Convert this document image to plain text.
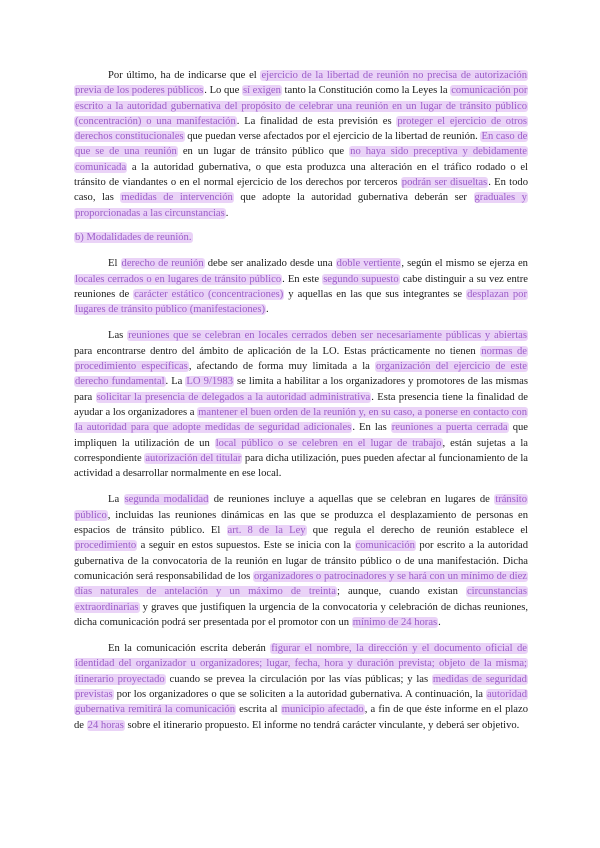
Por último, ha de indicarse que el ejercicio de la libertad de reunión no precisa de autorización previa de los poderes públicos. Lo que sí exigen tanto la Constitución como la Leyes la comunicación por escrito a la autoridad gubernativa del propósito de celebrar una reunión en un lugar de tránsito público (concentración) o una manifestación. La finalidad de esta previsión es proteger el ejercicio de otros derechos constitucionales que puedan verse afectados por el ejercicio de la libertad de reunión. En caso de que se de una reunión en un lugar de tránsito público que no haya sido preceptiva y debidamente comunicada a la autoridad gubernativa, o que esta produzca una alteración en el tráfico rodado o el tránsito de viandantes o en el normal ejercicio de los derechos por terceros podrán ser disueltas. En todo caso, las medidas de intervención que adopte la autoridad gubernativa deberán ser graduales y proporcionadas a las circunstancias.

b) Modalidades de reunión.

El derecho de reunión debe ser analizado desde una doble vertiente, según el mismo se ejerza en locales cerrados o en lugares de tránsito público. En este segundo supuesto cabe distinguir a su vez entre reuniones de carácter estático (concentraciones) y aquellas en las que sus integrantes se desplazan por lugares de tránsito público (manifestaciones).

Las reuniones que se celebran en locales cerrados deben ser necesariamente públicas y abiertas para encontrarse dentro del ámbito de aplicación de la LO. Estas prácticamente no tienen normas de procedimiento específicas, afectando de forma muy limitada a la organización del ejercicio de este derecho fundamental. La LO 9/1983 se limita a habilitar a los organizadores y promotores de las mismas para solicitar la presencia de delegados a la autoridad administrativa. Esta presencia tiene la finalidad de ayudar a los organizadores a mantener el buen orden de la reunión y, en su caso, a ponerse en contacto con la autoridad para que adopte medidas de seguridad adicionales. En las reuniones a puerta cerrada que impliquen la utilización de un local público o se celebren en el lugar de trabajo, están sujetas a la correspondiente autorización del titular para dicha utilización, pues pueden afectar al funcionamiento de la actividad a desarrollar normalmente en ese local.

La segunda modalidad de reuniones incluye a aquellas que se celebran en lugares de tránsito público, incluidas las reuniones dinámicas en las que se produzca el desplazamiento de personas en espacios de tránsito público. El art. 8 de la Ley que regula el derecho de reunión establece el procedimiento a seguir en estos supuestos. Este se inicia con la comunicación por escrito a la autoridad gubernativa de la convocatoria de la reunión en lugar de tránsito público o de una manifestación. Dicha comunicación será responsabilidad de los organizadores o patrocinadores y se hará con un mínimo de diez días naturales de antelación y un máximo de treinta; aunque, cuando existan circunstancias extraordinarias y graves que justifiquen la urgencia de la convocatoria y celebración de dichas reuniones, dicha comunicación podrá ser presentada por el promotor con un mínimo de 24 horas.

En la comunicación escrita deberán figurar el nombre, la dirección y el documento oficial de identidad del organizador u organizadores; lugar, fecha, hora y duración prevista; objeto de la misma; itinerario proyectado cuando se prevea la circulación por las vías públicas; y las medidas de seguridad previstas por los organizadores o que se soliciten a la autoridad gubernativa. A continuación, la autoridad gubernativa remitirá la comunicación escrita al municipio afectado, a fin de que éste informe en el plazo de 24 horas sobre el itinerario propuesto. El informe no tendrá carácter vinculante, y deberá ser objetivo.
